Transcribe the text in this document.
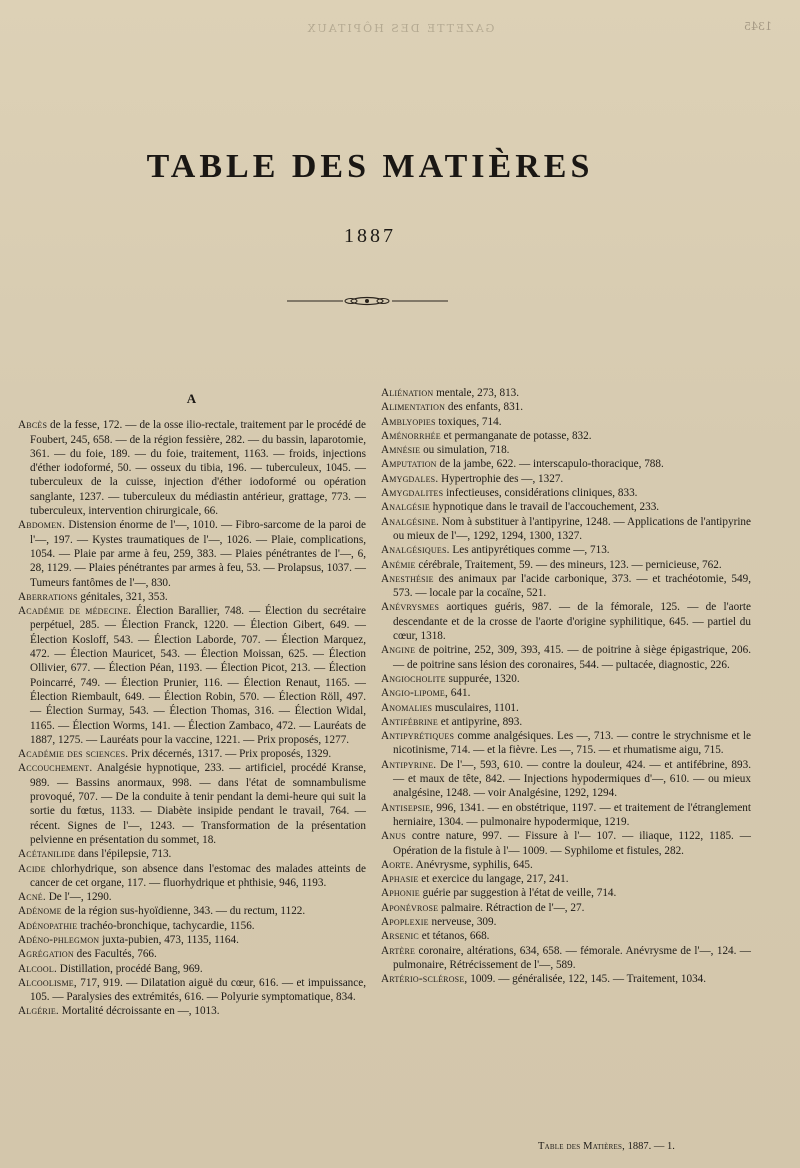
GAZETTE DES HÔPITAUX	1345
TABLE DES MATIÈRES
1887
A
Abcès de la fesse, 172. — de la osse ilio-rectale, traitement par le procédé de Foubert, 245, 658. — de la région fessière, 282. — du bassin, laparotomie, 361. — du foie, 189. — du foie, traitement, 1163. — froids, injections d'éther iodoformé, 50. — osseux du tibia, 196. — tuberculeux, 1045. — tuberculeux de la cuisse, injection d'éther iodoformé ou opération sanglante, 1237. — tuberculeux du médiastin antérieur, grattage, 773. — tuberculeux, intervention chirurgicale, 66.
Abdomen. Distension énorme de l'—, 1010. — Fibro-sarcome de la paroi de l'—, 197. — Kystes traumatiques de l'—, 1026. — Plaie, complications, 1054. — Plaie par arme à feu, 259, 383. — Plaies pénétrantes de l'—, 6, 28, 1129. — Plaies pénétrantes par armes à feu, 53. — Prolapsus, 1037. — Tumeurs fantômes de l'—, 830.
Aberrations génitales, 321, 353.
Académie de médecine. Élection Barallier, 748. — Élection du secrétaire perpétuel, 285. — Élection Franck, 1220. — Élection Gibert, 649. — Élection Kosloff, 543. — Élection Laborde, 707. — Élection Marquez, 472. — Élection Mauricet, 543. — Élection Moissan, 625. — Élection Ollivier, 677. — Élection Péan, 1193. — Élection Picot, 213. — Élection Poincarré, 749. — Élection Prunier, 116. — Élection Renaut, 1165. — Élection Riembault, 649. — Élection Robin, 570. — Élection Röll, 497. — Élection Surmay, 543. — Élection Thomas, 316. — Élection Widal, 1165. — Élection Worms, 141. — Élection Zambaco, 472. — Lauréats de 1887, 1275. — Lauréats pour la vaccine, 1221. — Prix proposés, 1277.
Académie des sciences. Prix décernés, 1317. — Prix proposés, 1329.
Accouchement. Analgésie hypnotique, 233. — artificiel, procédé Kranse, 989. — Bassins anormaux, 998. — dans l'état de somnambulisme provoqué, 707. — De la conduite à tenir pendant la demi-heure qui suit la sortie du fœtus, 1133. — Diabète insipide pendant le travail, 764. — récent. Signes de l'—, 1243. — Transformation de la présentation pelvienne en présentation du sommet, 18.
Acétanilide dans l'épilepsie, 713.
Acide chlorhydrique, son absence dans l'estomac des malades atteints de cancer de cet organe, 117. — fluorhydrique et phthisie, 946, 1193.
Acné. De l'—, 1290.
Adénome de la région sus-hyoïdienne, 343. — du rectum, 1122.
Adénopathie trachéo-bronchique, tachycardie, 1156.
Adéno-phlegmon juxta-pubien, 473, 1135, 1164.
Agrégation des Facultés, 766.
Alcool. Distillation, procédé Bang, 969.
Alcoolisme, 717, 919. — Dilatation aiguë du cœur, 616. — et impuissance, 105. — Paralysies des extrémités, 616. — Polyurie symptomatique, 834.
Algérie. Mortalité décroissante en —, 1013.
Aliénation mentale, 273, 813.
Alimentation des enfants, 831.
Amblyopies toxiques, 714.
Aménorrhée et permanganate de potasse, 832.
Amnésie ou simulation, 718.
Amputation de la jambe, 622. — interscapulo-thoracique, 788.
Amygdales. Hypertrophie des —, 1327.
Amygdalites infectieuses, considérations cliniques, 833.
Analgésie hypnotique dans le travail de l'accouchement, 233.
Analgésine. Nom à substituer à l'antipyrine, 1248. — Applications de l'antipyrine ou mieux de l'—, 1292, 1294, 1300, 1327.
Analgésiques. Les antipyrétiques comme —, 713.
Anémie cérébrale, Traitement, 59. — des mineurs, 123. — pernicieuse, 762.
Anesthésie des animaux par l'acide carbonique, 373. — et trachéotomie, 549, 573. — locale par la cocaïne, 521.
Anévrysmes aortiques guéris, 987. — de la fémorale, 125. — de l'aorte descendante et de la crosse de l'aorte d'origine syphilitique, 645. — partiel du cœur, 1318.
Angine de poitrine, 252, 309, 393, 415. — de poitrine à siège épigastrique, 206. — de poitrine sans lésion des coronaires, 544. — pultacée, diagnostic, 226.
Angiocholite suppurée, 1320.
Angio-lipome, 641.
Anomalies musculaires, 1101.
Antifébrine et antipyrine, 893.
Antipyrétiques comme analgésiques. Les —, 713. — contre le strychnisme et le nicotinisme, 714. — et la fièvre. Les —, 715. — et rhumatisme aigu, 715.
Antipyrine. De l'—, 593, 610. — contre la douleur, 424. — et antifébrine, 893. — et maux de tête, 842. — Injections hypodermiques d'—, 610. — ou mieux analgésine, 1248. — voir Analgésine, 1292, 1294.
Antisepsie, 996, 1341. — en obstétrique, 1197. — et traitement de l'étranglement herniaire, 1304. — pulmonaire hypodermique, 1219.
Anus contre nature, 997. — Fissure à l'— 107. — iliaque, 1122, 1185. — Opération de la fistule à l'— 1009. — Syphilome et fistules, 282.
Aorte. Anévrysme, syphilis, 645.
Aphasie et exercice du langage, 217, 241.
Aphonie guérie par suggestion à l'état de veille, 714.
Aponévrose palmaire. Rétraction de l'—, 27.
Apoplexie nerveuse, 309.
Arsenic et tétanos, 668.
Artère coronaire, altérations, 634, 658. — fémorale. Anévrysme de l'—, 124. — pulmonaire, Rétrécissement de l'—, 589.
Artério-sclérose, 1009. — généralisée, 122, 145. — Traitement, 1034.
Table des Matières, 1887. — 1.
